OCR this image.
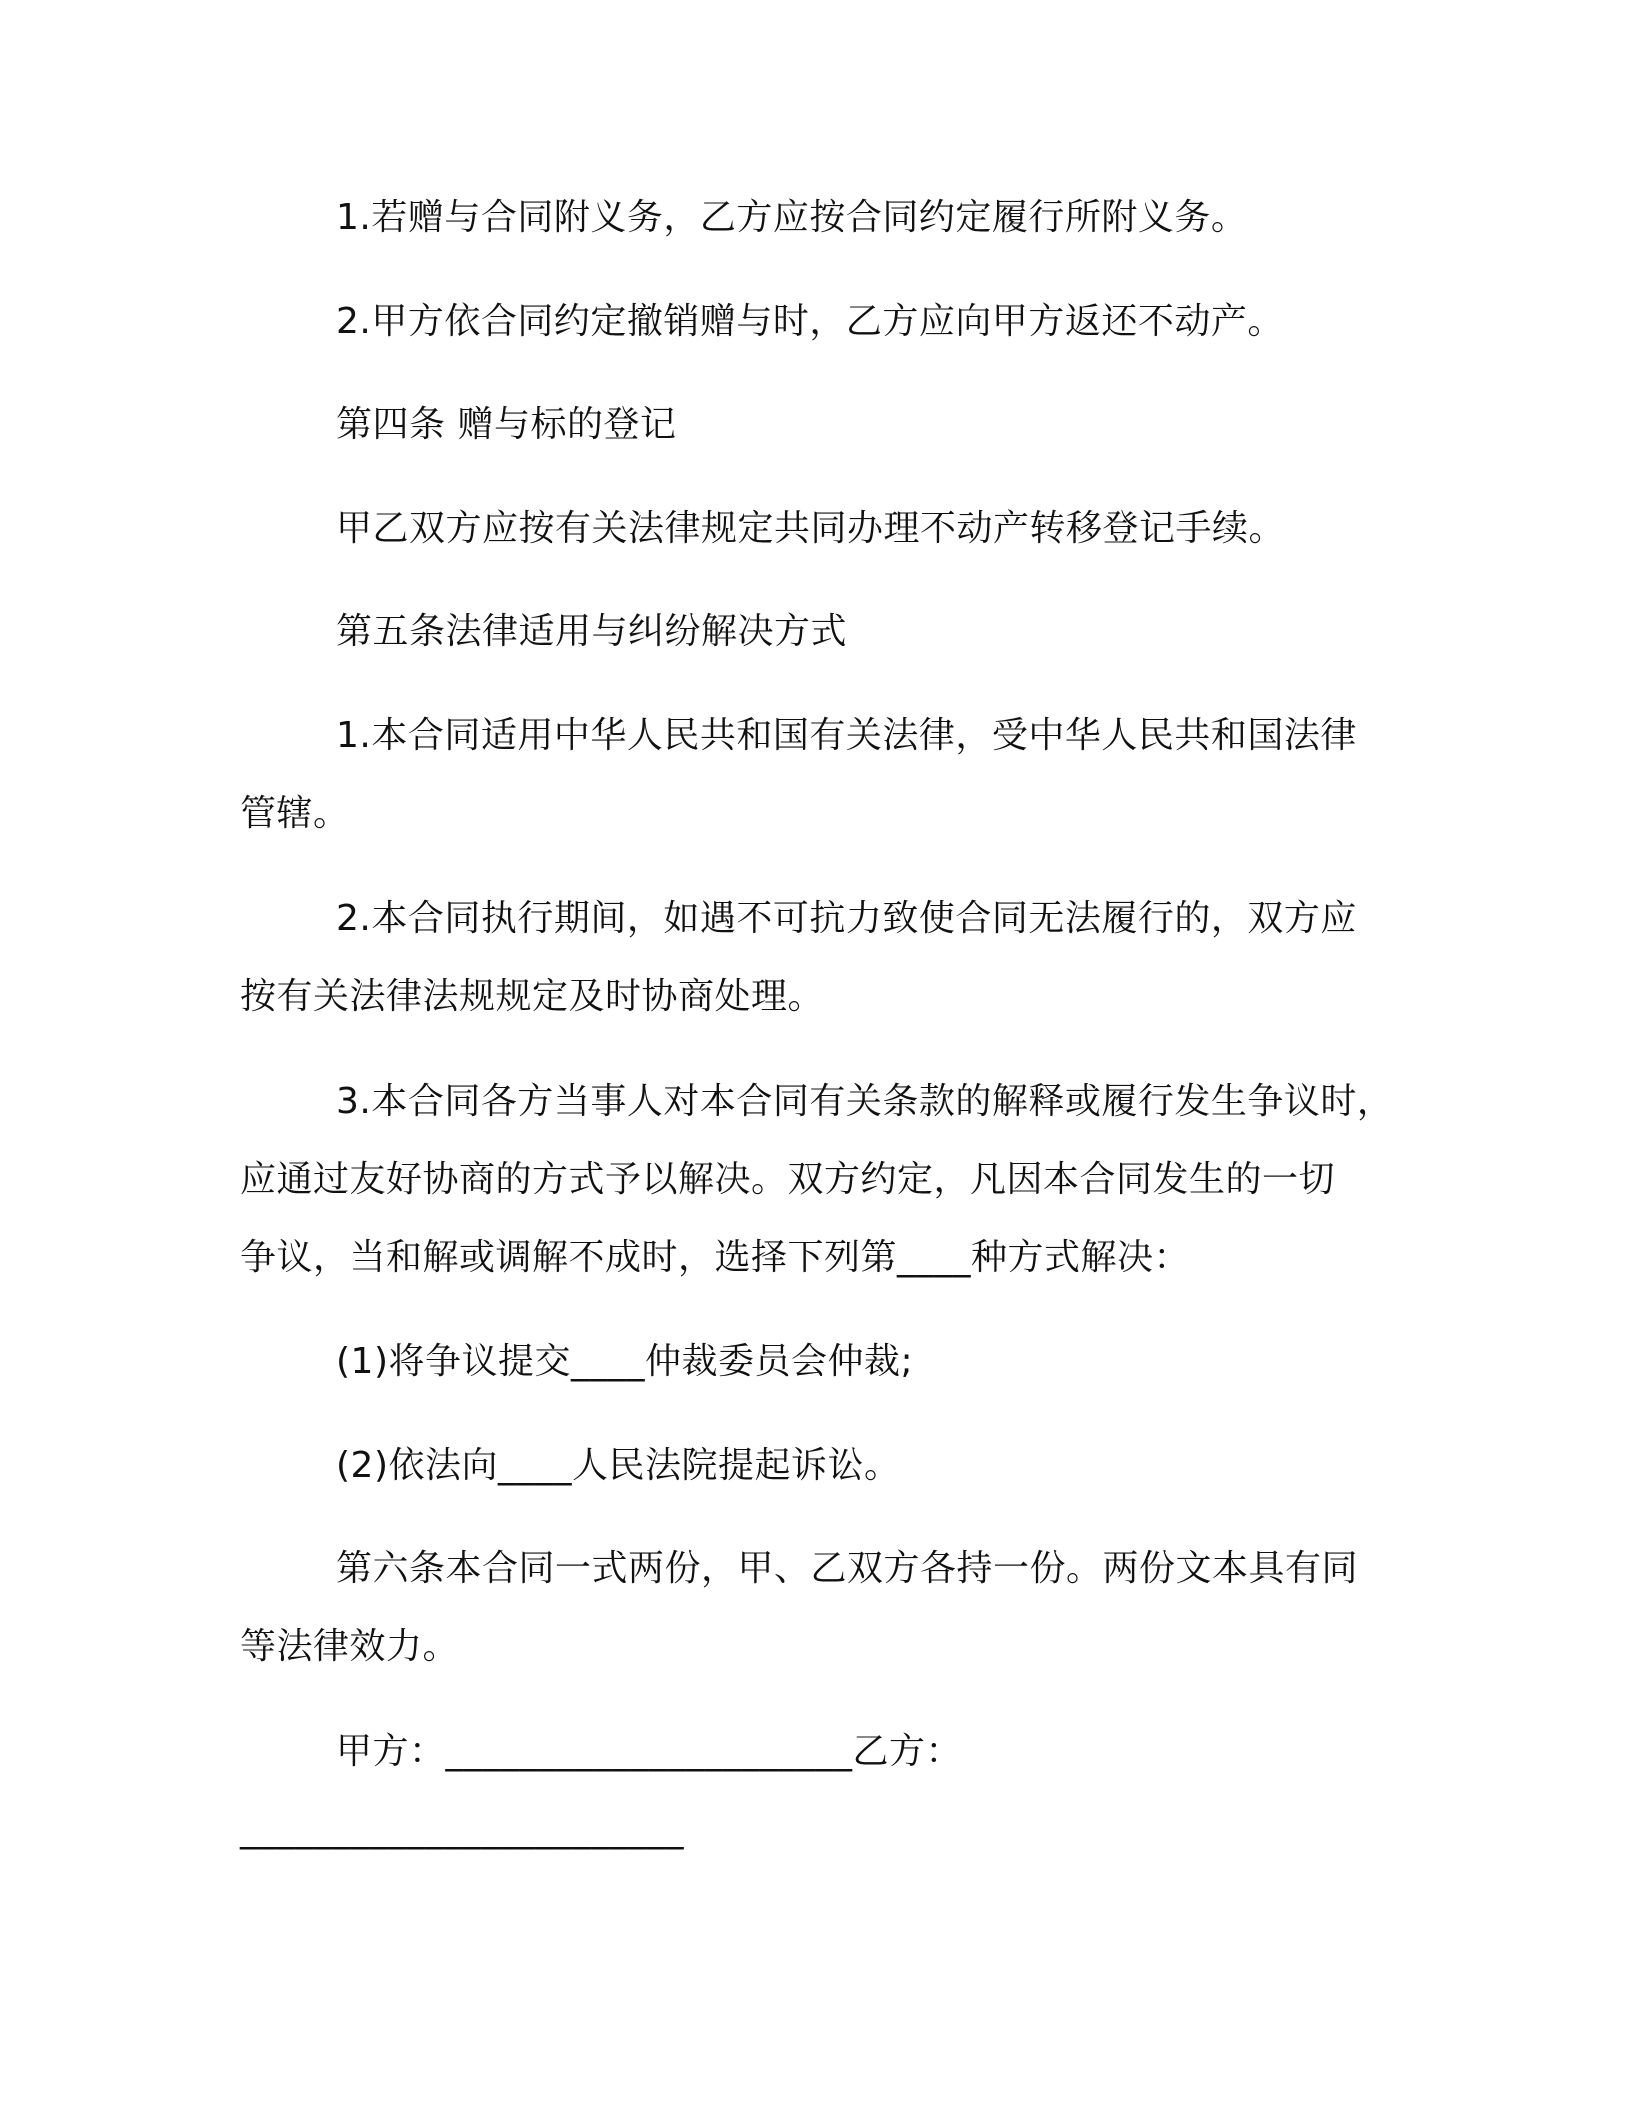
1.若赠与合同附义务，乙方应按合同约定履行所附义务。
2.甲方依合同约定撤销赠与时，乙方应向甲方返还不动产。
第四条 赠与标的登记
甲乙双方应按有关法律规定共同办理不动产转移登记手续。
第五条法律适用与纠纷解决方式
1.本合同适用中华人民共和国有关法律，受中华人民共和国法律
管辖。
2.本合同执行期间，如遇不可抗力致使合同无法履行的，双方应
按有关法律法规规定及时协商处理。
3.本合同各方当事人对本合同有关条款的解释或履行发生争议时，
应通过友好协商的方式予以解决。双方约定，凡因本合同发生的一切
争议，当和解或调解不成时，选择下列第____种方式解决：
(1)将争议提交____仲裁委员会仲裁;
(2)依法向____人民法院提起诉讼。
第六条本合同一式两份，甲、乙双方各持一份。两份文本具有同
等法律效力。
甲方：______________________乙方：
________________________
